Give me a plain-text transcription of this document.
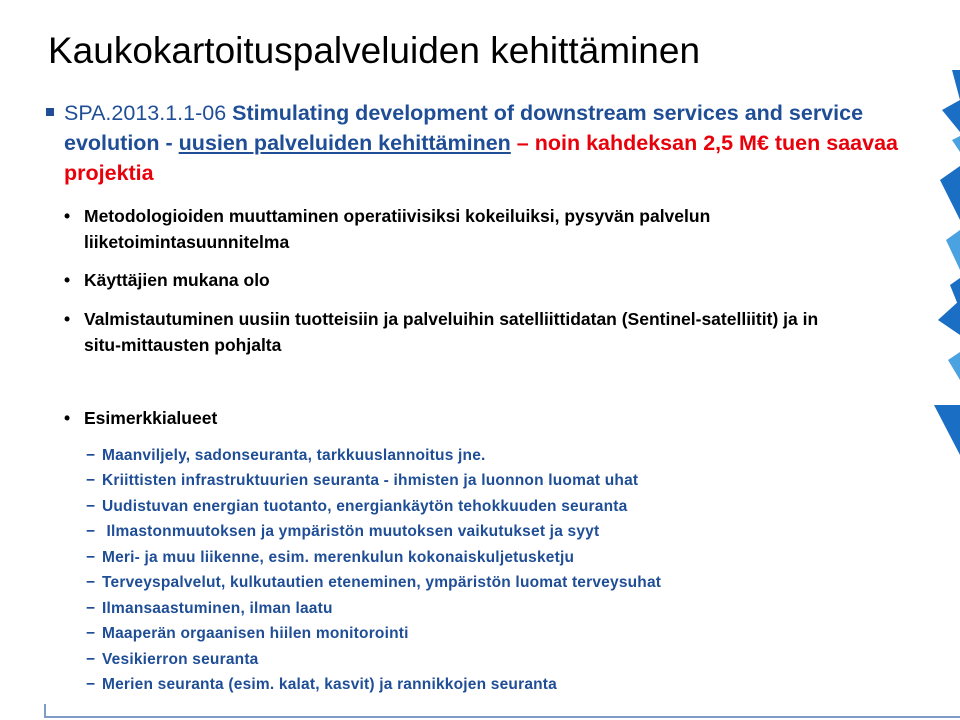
Kaukokartoituspalveluiden kehittäminen
SPA.2013.1.1-06 Stimulating development of downstream services and service evolution - uusien palveluiden kehittäminen – noin kahdeksan 2,5 M€ tuen saavaa projektia
• Metodologioiden muuttaminen operatiivisiksi kokeiluiksi, pysyvän palvelun liiketoimintasuunnitelma
• Käyttäjien mukana olo
• Valmistautuminen uusiin tuotteisiin ja palveluihin satelliittidatan (Sentinel-satelliitit) ja in situ-mittausten pohjalta
• Esimerkkialueet
− Maanviljely, sadonseuranta, tarkkuuslannoitus jne.
− Kriittisten infrastruktuurien seuranta - ihmisten ja luonnon luomat uhat
− Uudistuvan energian tuotanto, energiankäytön tehokkuuden seuranta
− Ilmastonmuutoksen ja ympäristön muutoksen vaikutukset ja syyt
− Meri- ja muu liikenne, esim. merenkulun kokonaiskuljetusketju
− Terveyspalvelut, kulkutautien eteneminen, ympäristön luomat terveysuhat
− Ilmansaastuminen, ilman laatu
− Maaperän orgaanisen hiilen monitorointi
− Vesikierron seuranta
− Merien seuranta (esim. kalat, kasvit) ja rannikkojen seuranta
